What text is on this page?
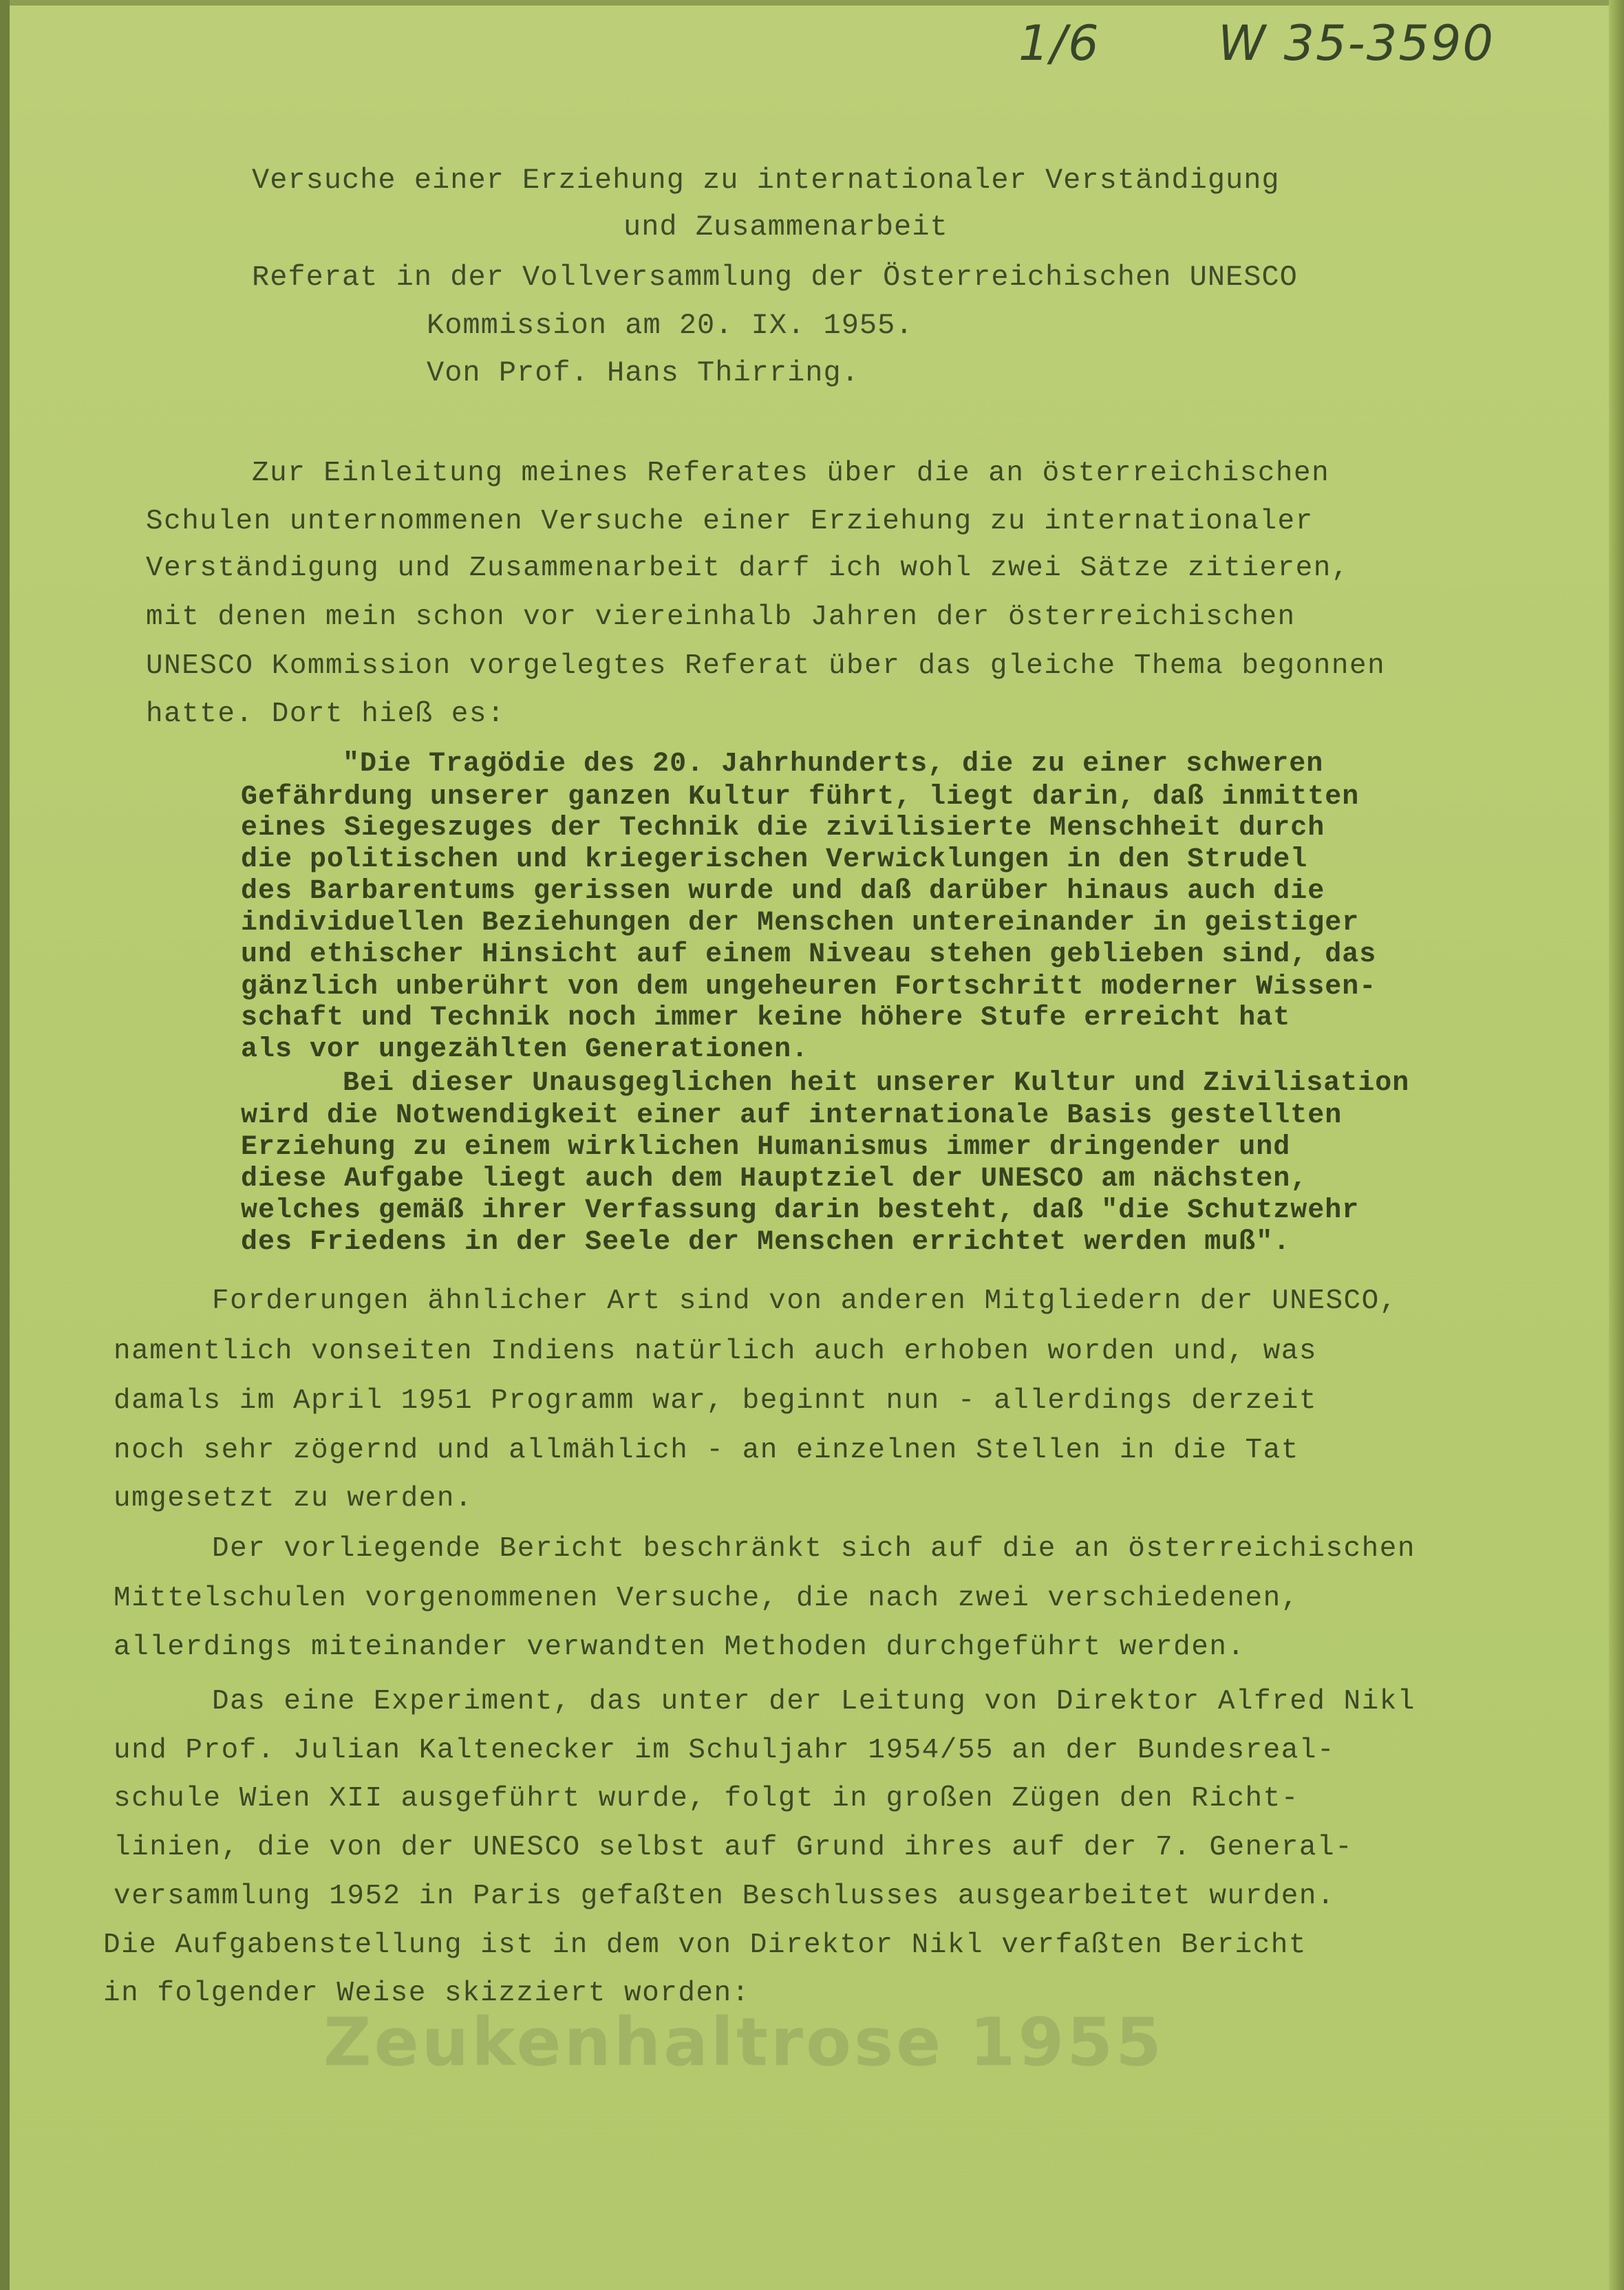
1/6 W 35-3590
Versuche einer Erziehung zu internationaler Verständigung
und Zusammenarbeit
Referat in der Vollversammlung der Österreichischen UNESCO
Kommission am 20. IX. 1955.
Von Prof. Hans Thirring.
Zur Einleitung meines Referates über die an österreichischen
Schulen unternommenen Versuche einer Erziehung zu internationaler
Verständigung und Zusammenarbeit darf ich wohl zwei Sätze zitieren,
mit denen mein schon vor viereinhalb Jahren der österreichischen
UNESCO Kommission vorgelegtes Referat über das gleiche Thema begonnen
hatte. Dort hieß es:
"Die Tragödie des 20. Jahrhunderts, die zu einer schweren
Gefährdung unserer ganzen Kultur führt, liegt darin, daß inmitten
eines Siegeszuges der Technik die zivilisierte Menschheit durch
die politischen und kriegerischen Verwicklungen in den Strudel
des Barbarentums gerissen wurde und daß darüber hinaus auch die
individuellen Beziehungen der Menschen untereinander in geistiger
und ethischer Hinsicht auf einem Niveau stehen geblieben sind, das
gänzlich unberührt von dem ungeheuren Fortschritt moderner Wissen-
schaft und Technik noch immer keine höhere Stufe erreicht hat
als vor ungezählten Generationen.
Bei dieser Unausgeglichen heit unserer Kultur und Zivilisation
wird die Notwendigkeit einer auf internationale Basis gestellten
Erziehung zu einem wirklichen Humanismus immer dringender und
diese Aufgabe liegt auch dem Hauptziel der UNESCO am nächsten,
welches gemäß ihrer Verfassung darin besteht, daß "die Schutzwehr
des Friedens in der Seele der Menschen errichtet werden muß".
Forderungen ähnlicher Art sind von anderen Mitgliedern der UNESCO,
namentlich vonseiten Indiens natürlich auch erhoben worden und, was
damals im April 1951 Programm war, beginnt nun - allerdings derzeit
noch sehr zögernd und allmählich - an einzelnen Stellen in die Tat
umgesetzt zu werden.
Der vorliegende Bericht beschränkt sich auf die an österreichischen
Mittelschulen vorgenommenen Versuche, die nach zwei verschiedenen,
allerdings miteinander verwandten Methoden durchgeführt werden.
Das eine Experiment, das unter der Leitung von Direktor Alfred Nikl
und Prof. Julian Kaltenecker im Schuljahr 1954/55 an der Bundesreal-
schule Wien XII ausgeführt wurde, folgt in großen Zügen den Richt-
linien, die von der UNESCO selbst auf Grund ihres auf der 7. General-
versammlung 1952 in Paris gefaßten Beschlusses ausgearbeitet wurden.
Die Aufgabenstellung ist in dem von Direktor Nikl verfaßten Bericht
in folgender Weise skizziert worden:
Zeukenhaltrose 1955
